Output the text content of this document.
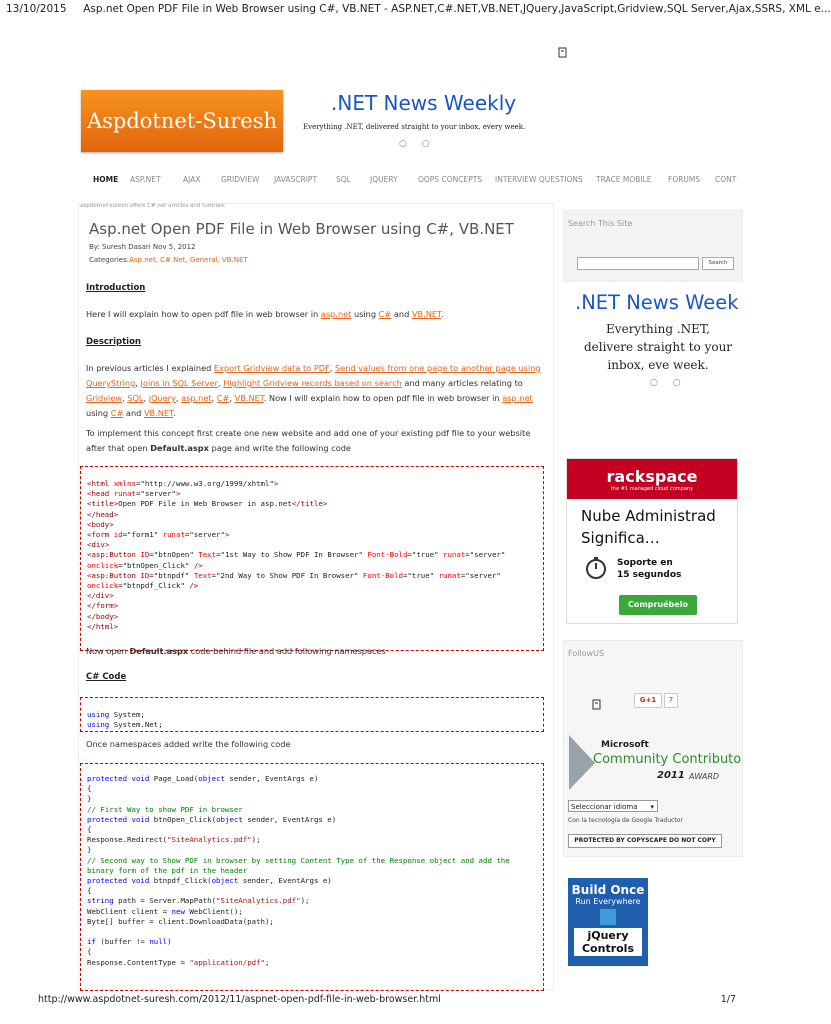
13/10/2015 Asp.net Open PDF File in Web Browser using C#, VB.NET - ASP.NET,C#.NET,VB.NET,JQuery,JavaScript,Gridview,SQL Server,Ajax,SSRS, XML e...
Aspdotnet-Suresh
.NET News Weekly
Everything .NET, delivered straight to your inbox, every week.
○ ○
HOME ASP.NET	AJAX	GRIDVIEW JAVASCRIPT	SQL	JQUERY	OOPS CONCEPTS INTERVIEW QUESTIONS TRACE MOBILE FORUMS CONT
aspdotnet-suresh offers C#.net articles and tutorials
Asp.net Open PDF File in Web Browser using C#, VB.NET
By: Suresh Dasari Nov 5, 2012
Categories:Asp.net, C#.Net, General, VB.NET
Introduction
Here I will explain how to open pdf file in web browser in asp.net using C# and VB.NET.
Description
In previous articles I explained Export Gridview data to PDF, Send values from one page to another page using QueryString, Joins in SQL Server, Highlight Gridview records based on search and many articles relating to Gridview, SQL, jQuery, asp.net, C#, VB.NET. Now I will explain how to open pdf file in web browser in asp.net using C# and VB.NET.
To implement this concept first create one new website and add one of your existing pdf file to your website after that open Default.aspx page and write the following code
<html xmlns="http://www.w3.org/1999/xhtml">
<head runat="server">
<title>Open PDF File in Web Browser in asp.net</title>
</head>
<body>
<form id="form1" runat="server">
<div>
<asp:Button ID="btnOpen" Text="1st Way to Show PDF In Browser" Font-Bold="true" runat="server"
onclick="btnOpen_Click" />
<asp:Button ID="btnpdf" Text="2nd Way to Show PDF In Browser" Font-Bold="true" runat="server"
onclick="btnpdf_Click" />
</div>
</form>
</body>
</html>
Now open Default.aspx code behind file and add following namespaces
C# Code
using System;
using System.Net;
Once namespaces added write the following code
protected void Page_Load(object sender, EventArgs e)
{
}
// First Way to show PDF in browser
protected void btnOpen_Click(object sender, EventArgs e)
{
Response.Redirect("SiteAnalytics.pdf");
}
// Second way to Show PDF in browser by setting Content Type of the Response object and add the
binary form of the pdf in the header
protected void btnpdf_Click(object sender, EventArgs e)
{
string path = Server.MapPath("SiteAnalytics.pdf");
WebClient client = new WebClient();
Byte[] buffer = client.DownloadData(path);

if (buffer != null)
{
Response.ContentType = "application/pdf";
Search This Site
Search
.NET News Week
Everything .NET, delivere straight to your inbox, eve week.
○ ○
rackspace
the #1 managed cloud company
Nube Administrad Significa…
Soporte en 15 segundos
Compruébelo
FollowUS
G+1	7
Microsoft
Community Contributo
2011 AWARD
Seleccionar idioma ▾
Con la tecnología de Google Traductor
PROTECTED BY COPYSCAPE DO NOT COPY
Build Once
Run Everywhere
jQuery
Controls
http://www.aspdotnet-suresh.com/2012/11/aspnet-open-pdf-file-in-web-browser.html	1/7
